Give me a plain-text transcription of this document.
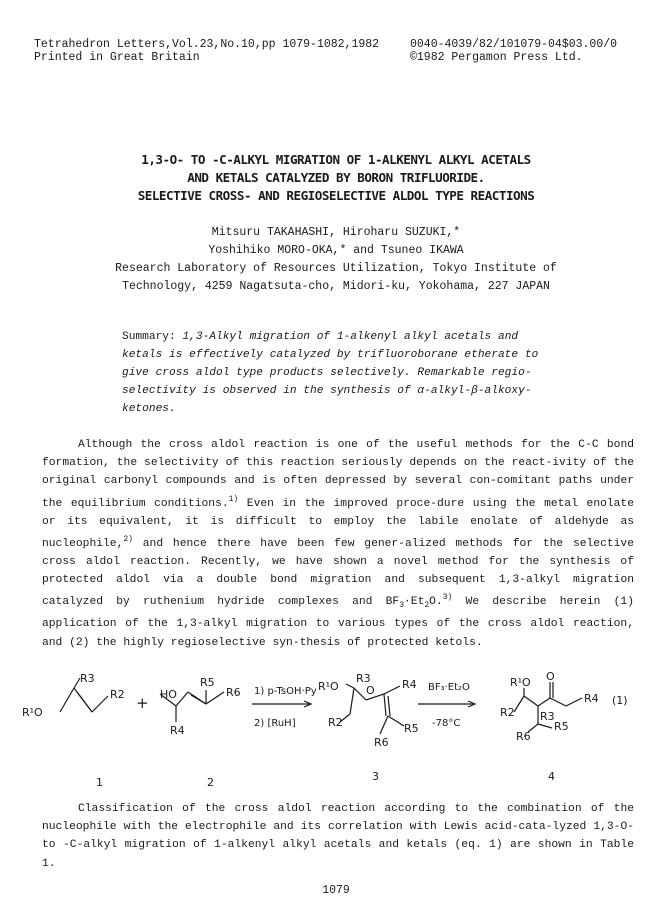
Tetrahedron Letters,Vol.23,No.10,pp 1079-1082,1982
Printed in Great Britain
0040-4039/82/101079-04$03.00/0
©1982 Pergamon Press Ltd.
1,3-O- TO -C-ALKYL MIGRATION OF 1-ALKENYL ALKYL ACETALS
AND KETALS CATALYZED BY BORON TRIFLUORIDE.
SELECTIVE CROSS- AND REGIOSELECTIVE ALDOL TYPE REACTIONS
Mitsuru TAKAHASHI, Hiroharu SUZUKI,*
Yoshihiko MORO-OKA,* and Tsuneo IKAWA
Research Laboratory of Resources Utilization, Tokyo Institute of
Technology, 4259 Nagatsuta-cho, Midori-ku, Yokohama, 227 JAPAN
Summary: 1,3-Alkyl migration of 1-alkenyl alkyl acetals and ketals is effectively catalyzed by trifluoroborane etherate to give cross aldol type products selectively. Remarkable regio-selectivity is observed in the synthesis of α-alkyl-β-alkoxy-ketones.

Although the cross aldol reaction is one of the useful methods for the C-C bond formation, the selectivity of this reaction seriously depends on the react-ivity of the original carbonyl compounds and is often depressed by several con-comitant paths under the equilibrium conditions.$^{1)}$ Even in the improved proce-dure using the metal enolate or its equivalent, it is difficult to employ the labile enolate of aldehyde as nucleophile,$^{2)}$ and hence there have been few gener-alized methods for the selective cross aldol reaction. Recently, we have shown a novel method for the synthesis of protected aldol via a double bond migration and subsequent 1,3-alkyl migration catalyzed by ruthenium hydride complexes and $BF_3\cdot Et_2O.^{3)}$ We describe herein (1) application of the 1,3-alkyl migration to various types of the cross aldol reaction, and (2) the highly regioselective syn-thesis of protected ketols.

R¹O
R3
R2 + HO
R4
R5
R6 1) p-TsOH·Py
2) [RuH]
R¹O
R3
O R4
R2
R6
R5
BF₃·Et₂O
-78°C
R¹O O
R2 R3
R4
R5
R6
(1)
1	2	3	4

Classification of the cross aldol reaction according to the combination of the nucleophile with the electrophile and its correlation with Lewis acid-cata-lyzed 1,3-O- to -C-alkyl migration of 1-alkenyl alkyl acetals and ketals (eq. 1) are shown in Table 1.

1079
